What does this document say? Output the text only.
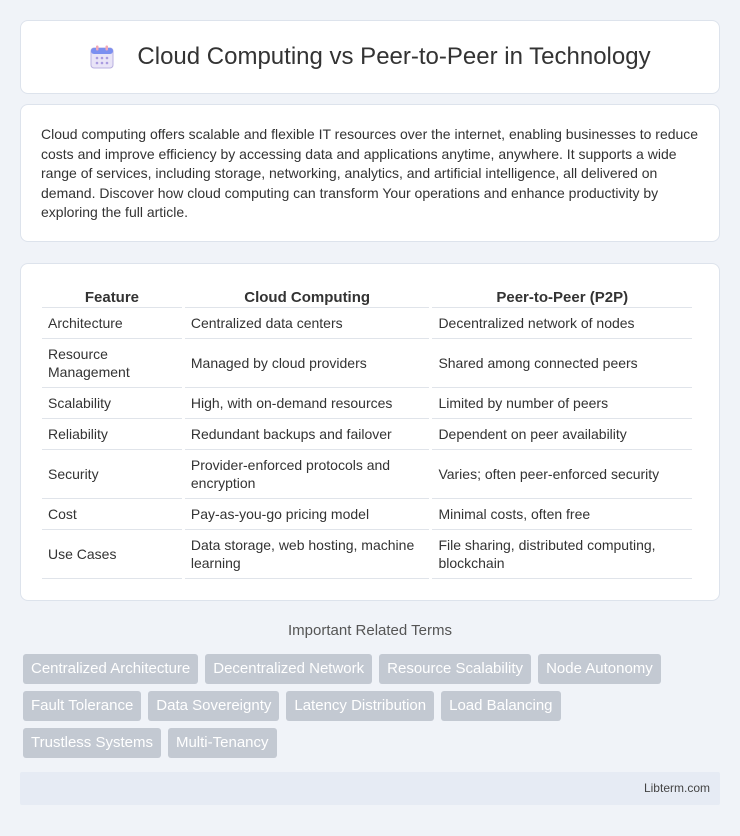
Cloud Computing vs Peer-to-Peer in Technology

Cloud computing offers scalable and flexible IT resources over the internet, enabling businesses to reduce costs and improve efficiency by accessing data and applications anytime, anywhere. It supports a wide range of services, including storage, networking, analytics, and artificial intelligence, all delivered on demand. Discover how cloud computing can transform Your operations and enhance productivity by exploring the full article.

Feature	Cloud Computing	Peer-to-Peer (P2P)
Architecture	Centralized data centers	Decentralized network of nodes
Resource Management	Managed by cloud providers	Shared among connected peers
Scalability	High, with on-demand resources	Limited by number of peers
Reliability	Redundant backups and failover	Dependent on peer availability
Security	Provider-enforced protocols and encryption	Varies; often peer-enforced security
Cost	Pay-as-you-go pricing model	Minimal costs, often free
Use Cases	Data storage, web hosting, machine learning	File sharing, distributed computing, blockchain
Important Related Terms
Centralized Architecture	Decentralized Network	Resource Scalability	Node Autonomy
Fault Tolerance	Data Sovereignty	Latency Distribution	Load Balancing
Trustless Systems	Multi-Tenancy
Libterm.com
